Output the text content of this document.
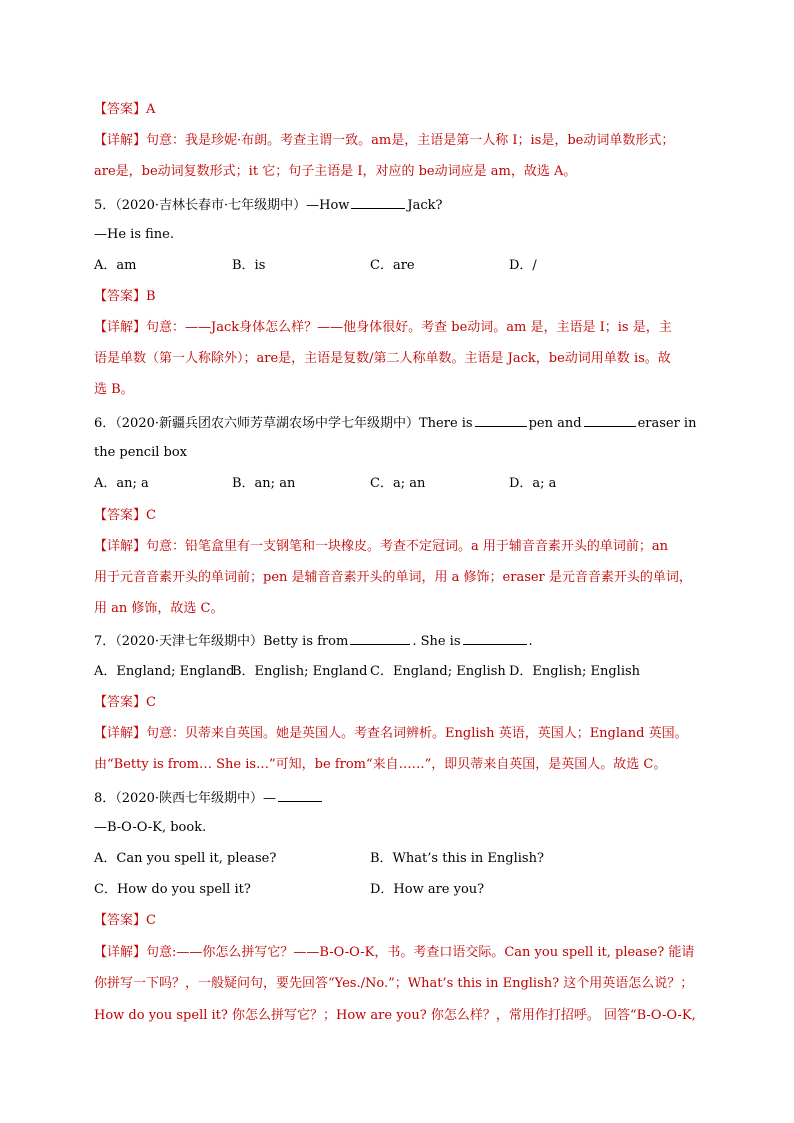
【答案】A
【详解】句意：我是珍妮·布朗。考查主谓一致。am是，主语是第一人称 I；is是，be动词单数形式；
are是，be动词复数形式；it 它；句子主语是 I，对应的 be动词应是 am，故选 A。
5．（2020·吉林长春市·七年级期中）—How	Jack?
—He is fine.
A．am	B．is	C．are	D．/
【答案】B
【详解】句意：——Jack身体怎么样？——他身体很好。考查 be动词。am 是，主语是 I；is 是，主
语是单数（第一人称除外）；are是，主语是复数/第二人称单数。主语是 Jack，be动词用单数 is。故
选 B。
6．（2020·新疆兵团农六师芳草湖农场中学七年级期中）There is	pen and	eraser in
the pencil box
A．an; a	B．an; an	C．a; an	D．a; a
【答案】C
【详解】句意：铅笔盒里有一支钢笔和一块橡皮。考查不定冠词。a 用于辅音音素开头的单词前；an
用于元音音素开头的单词前；pen 是辅音音素开头的单词，用 a 修饰；eraser 是元音音素开头的单词，
用 an 修饰，故选 C。
7．（2020·天津七年级期中）Betty is from	. She is	.
A．England; England
B．English; England C．England; English D．English; English
【答案】C
【详解】句意：贝蒂来自英国。她是英国人。考查名词辨析。English 英语，英国人；England 英国。
由“Betty is from… She is…”可知，be from“来自……”，即贝蒂来自英国，是英国人。故选 C。
8．（2020·陕西七年级期中）—
—B-O-O-K, book.
A．Can you spell it, please?	B．What’s this in English?
C．How do you spell it?	D．How are you?
【答案】C
【详解】句意:——你怎么拼写它？——B-O-O-K，书。考查口语交际。Can you spell it, please? 能请
你拼写一下吗？，一般疑问句，要先回答“Yes./No.”；What’s this in English? 这个用英语怎么说？；
How do you spell it? 你怎么拼写它？；How are you? 你怎么样？，常用作打招呼。 回答“B-O-O-K,
